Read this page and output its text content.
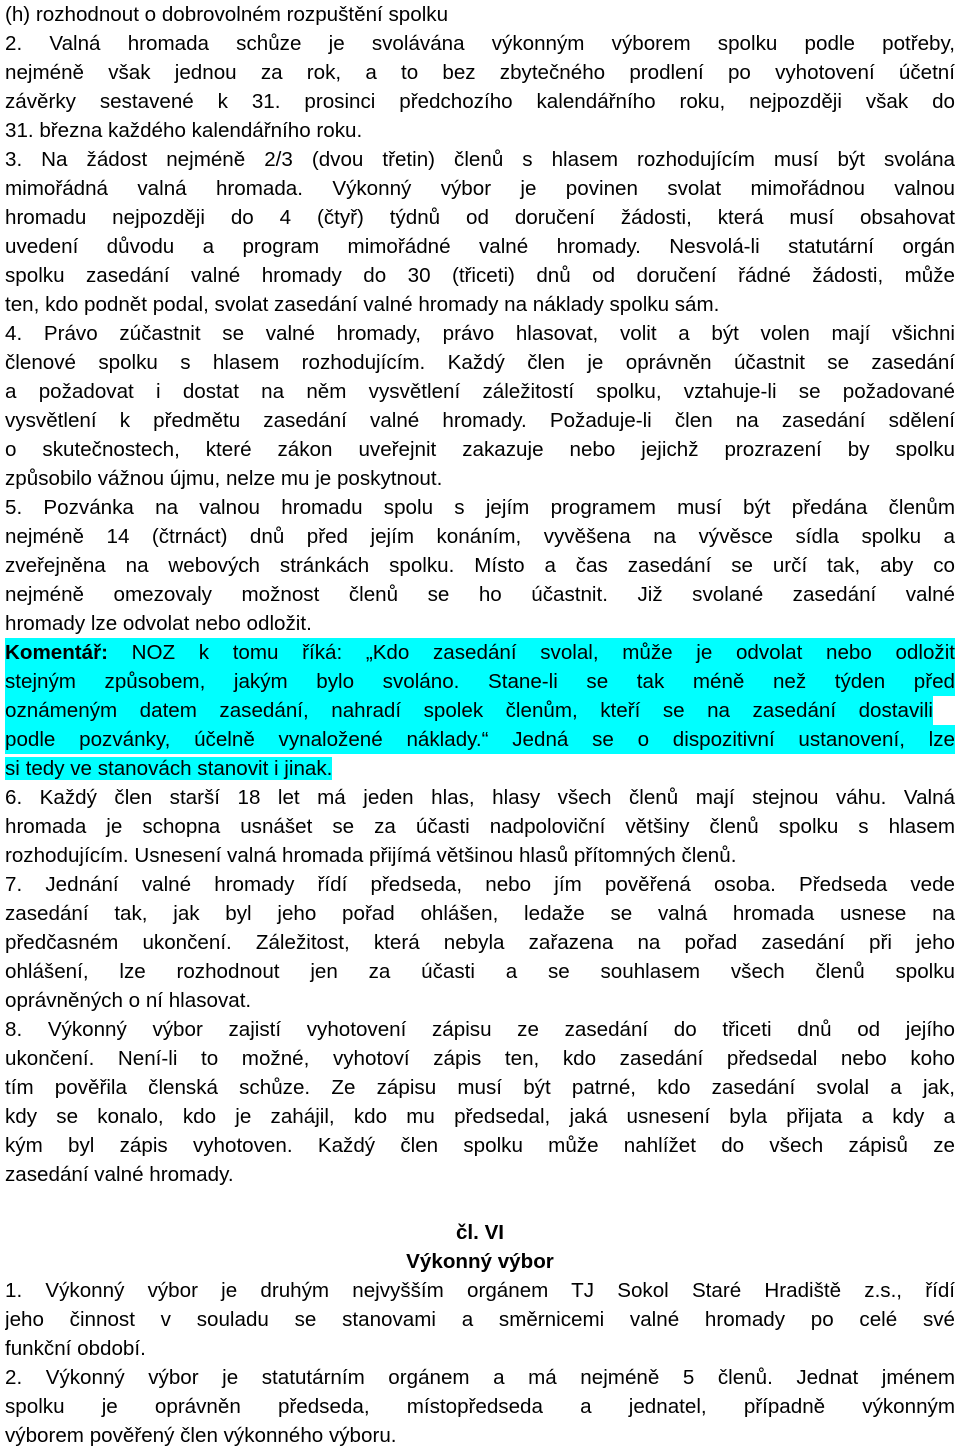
(h) rozhodnout o dobrovolném rozpuštění spolku
2. Valná hromada schůze je svolávána výkonným výborem spolku podle potřeby,
nejméně však jednou za rok, a to bez zbytečného prodlení po vyhotovení účetní
závěrky sestavené k 31. prosinci předchozího kalendářního roku, nejpozději však do
31. března každého kalendářního roku.
3. Na žádost nejméně 2/3 (dvou třetin) členů s hlasem rozhodujícím musí být svolána
mimořádná valná hromada. Výkonný výbor je povinen svolat mimořádnou valnou
hromadu nejpozději do 4 (čtyř) týdnů od doručení žádosti, která musí obsahovat
uvedení důvodu a program mimořádné valné hromady. Nesvolá-li statutární orgán
spolku zasedání valné hromady do 30 (třiceti) dnů od doručení řádné žádosti, může
ten, kdo podnět podal, svolat zasedání valné hromady na náklady spolku sám.
4. Právo zúčastnit se valné hromady, právo hlasovat, volit a být volen mají všichni
členové spolku s hlasem rozhodujícím. Každý člen je oprávněn účastnit se zasedání
a požadovat i dostat na něm vysvětlení záležitostí spolku, vztahuje-li se požadované
vysvětlení k předmětu zasedání valné hromady. Požaduje-li člen na zasedání sdělení
o skutečnostech, které zákon uveřejnit zakazuje nebo jejichž prozrazení by spolku
způsobilo vážnou újmu, nelze mu je poskytnout.
5. Pozvánka na valnou hromadu spolu s jejím programem musí být předána členům
nejméně 14 (čtrnáct) dnů před jejím konáním, vyvěšena na vývěsce sídla spolku a
zveřejněna na webových stránkách spolku. Místo a čas zasedání se určí tak, aby co
nejméně omezovaly možnost členů se ho účastnit. Již svolané zasedání valné
hromady lze odvolat nebo odložit.
Komentář: NOZ k tomu říká: „Kdo zasedání svolal, může je odvolat nebo odložit
stejným způsobem, jakým bylo svoláno. Stane-li se tak méně než týden před
oznámeným datem zasedání, nahradí spolek členům, kteří se na zasedání dostavili
podle pozvánky, účelně vynaložené náklady.“ Jedná se o dispozitivní ustanovení, lze
si tedy ve stanovách stanovit i jinak.
6. Každý člen starší 18 let má jeden hlas, hlasy všech členů mají stejnou váhu. Valná
hromada je schopna usnášet se za účasti nadpoloviční většiny členů spolku s hlasem
rozhodujícím. Usnesení valná hromada přijímá většinou hlasů přítomných členů.
7. Jednání valné hromady řídí předseda, nebo jím pověřená osoba. Předseda vede
zasedání tak, jak byl jeho pořad ohlášen, ledaže se valná hromada usnese na
předčasném ukončení. Záležitost, která nebyla zařazena na pořad zasedání při jeho
ohlášení, lze rozhodnout jen za účasti a se souhlasem všech členů spolku
oprávněných o ní hlasovat.
8. Výkonný výbor zajistí vyhotovení zápisu ze zasedání do třiceti dnů od jejího
ukončení. Není-li to možné, vyhotoví zápis ten, kdo zasedání předsedal nebo koho
tím pověřila členská schůze. Ze zápisu musí být patrné, kdo zasedání svolal a jak,
kdy se konalo, kdo je zahájil, kdo mu předsedal, jaká usnesení byla přijata a kdy a
kým byl zápis vyhotoven. Každý člen spolku může nahlížet do všech zápisů ze
zasedání valné hromady.
čl. VI
Výkonný výbor
1. Výkonný výbor je druhým nejvyšším orgánem TJ Sokol Staré Hradiště z.s., řídí
jeho činnost v souladu se stanovami a směrnicemi valné hromady po celé své
funkční období.
2. Výkonný výbor je statutárním orgánem a má nejméně 5 členů. Jednat jménem
spolku je oprávněn předseda, místopředseda a jednatel, případně výkonným
výborem pověřený člen výkonného výboru.
